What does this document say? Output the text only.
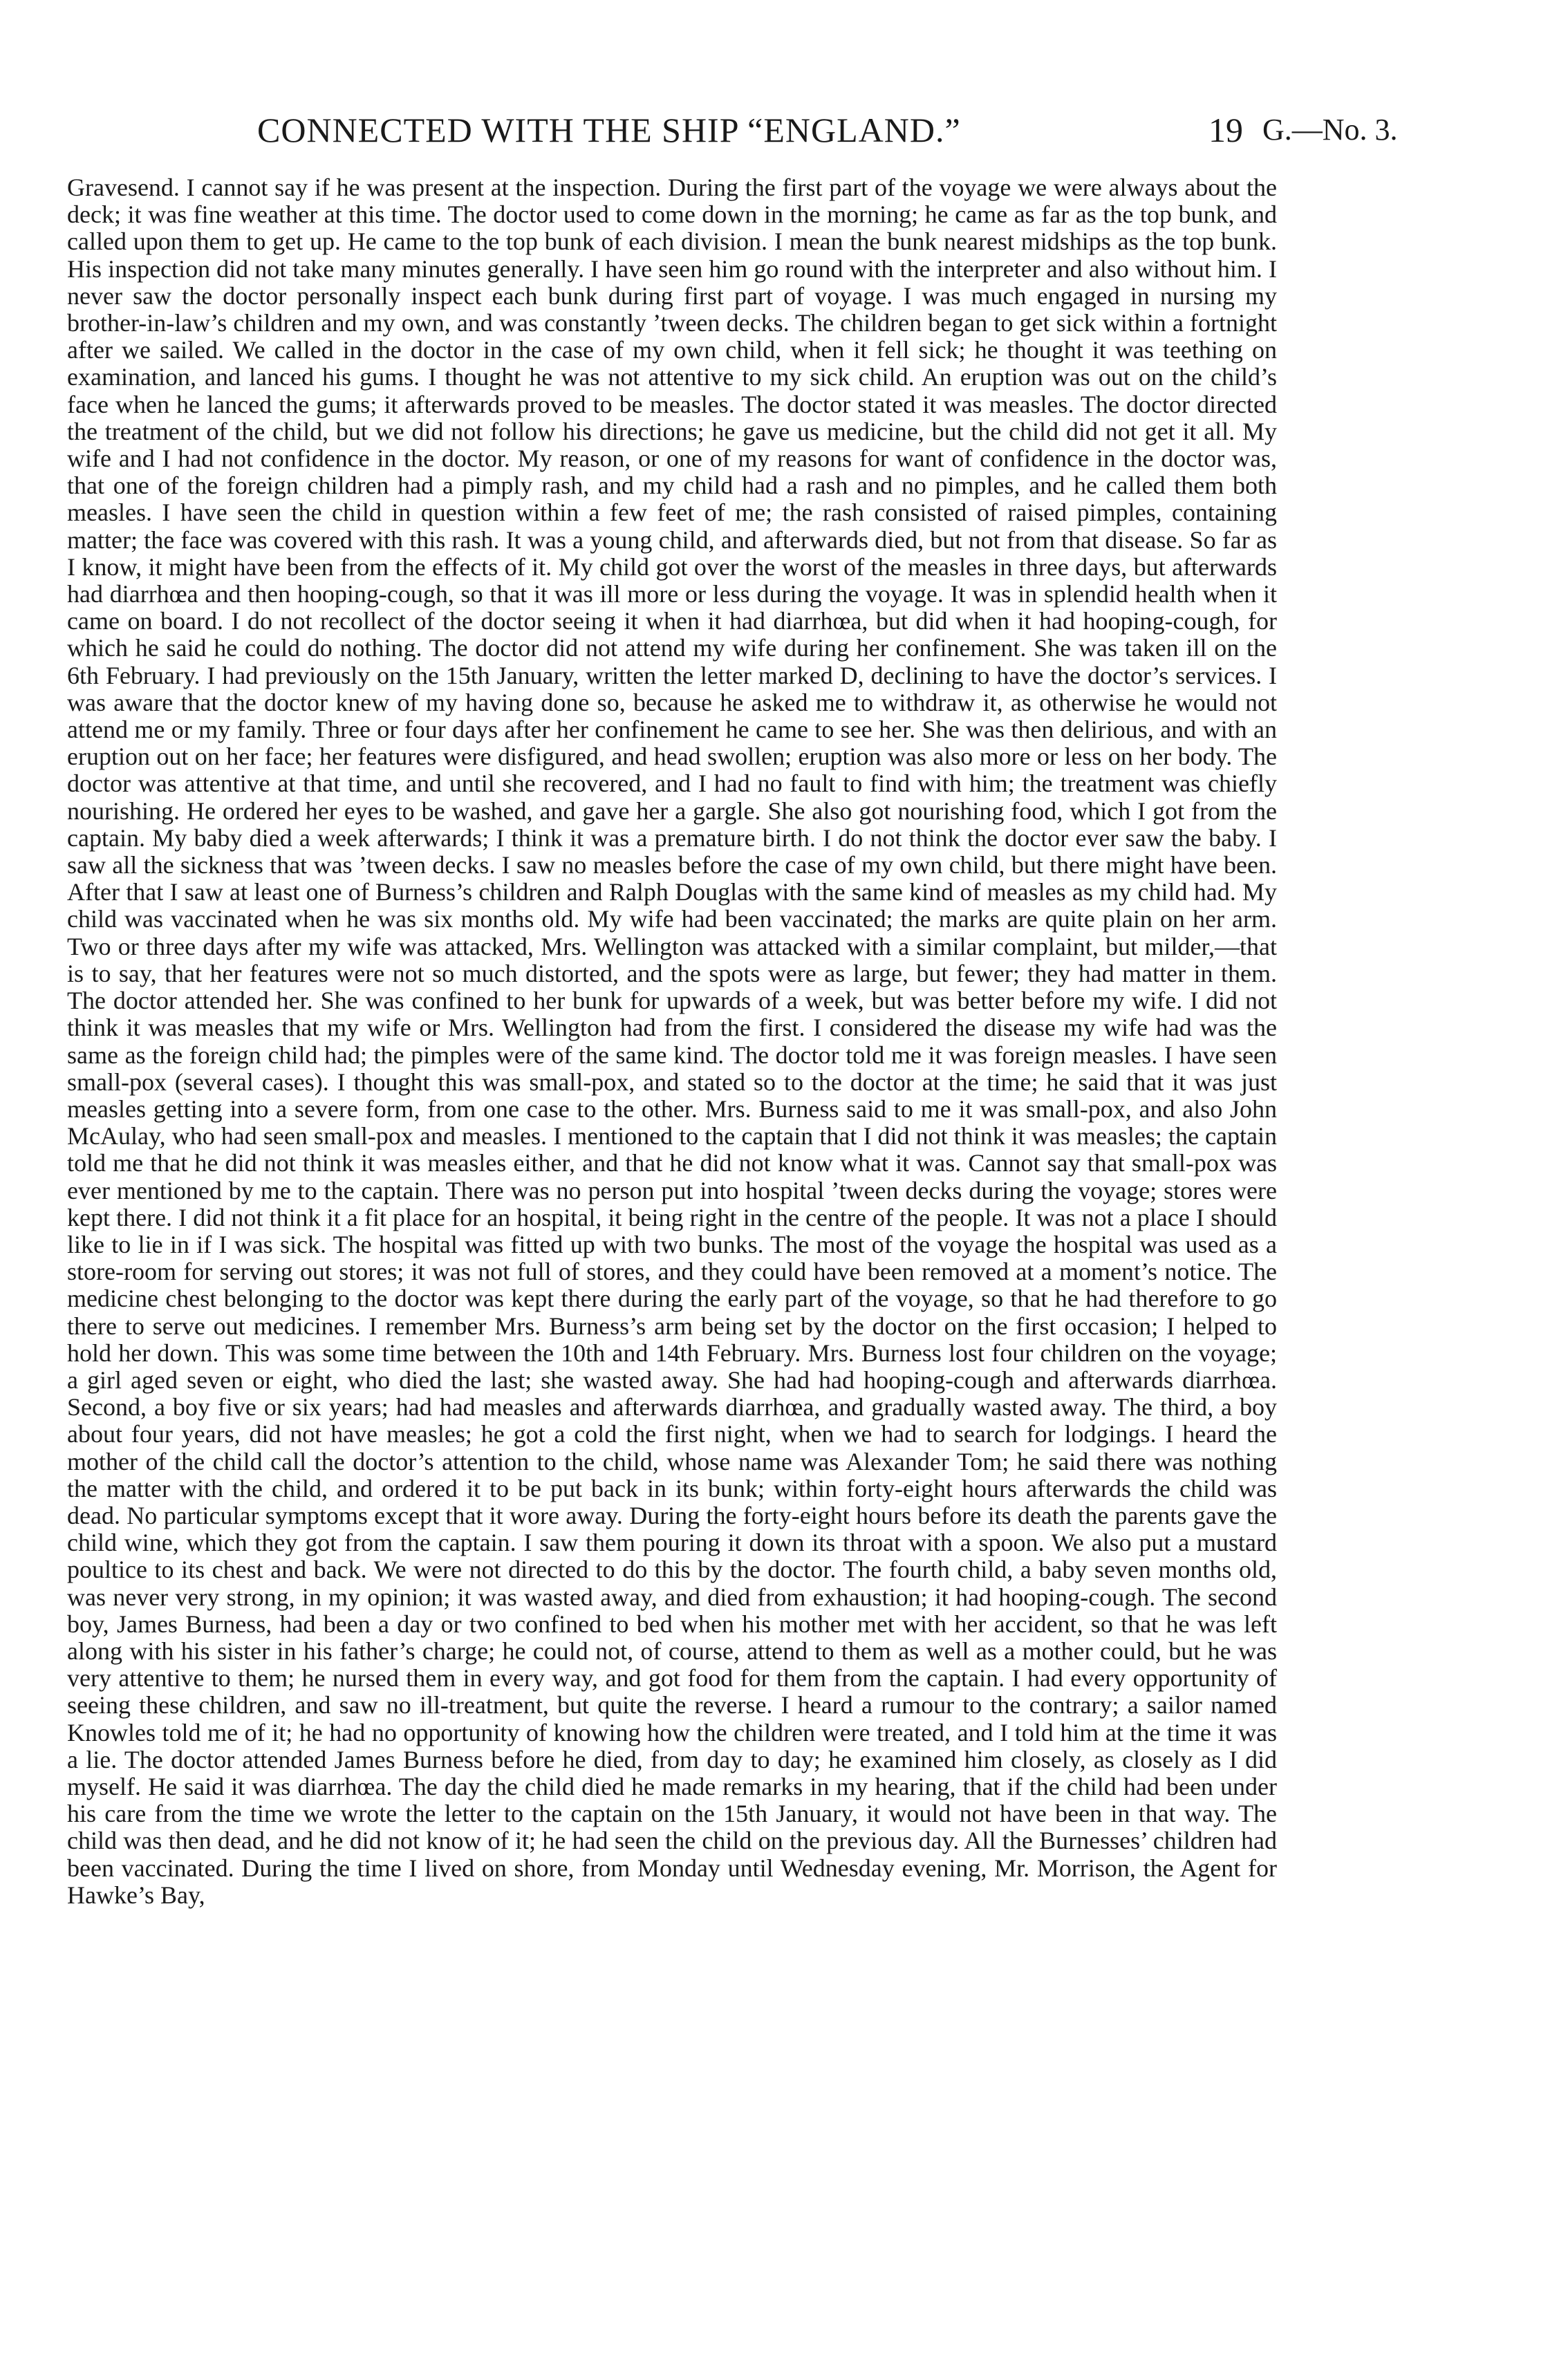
CONNECTED WITH THE SHIP “ENGLAND.”	19 G.—No. 3.

Gravesend. I cannot say if he was present at the inspection. During the first part of the voyage we were always about the deck; it was fine weather at this time. The doctor used to come down in the morning; he came as far as the top bunk, and called upon them to get up. He came to the top bunk of each division. I mean the bunk nearest midships as the top bunk. His inspection did not take many minutes generally. I have seen him go round with the interpreter and also without him. I never saw the doctor personally inspect each bunk during first part of voyage. I was much engaged in nursing my brother-in-law’s children and my own, and was constantly ’tween decks. The children began to get sick within a fortnight after we sailed. We called in the doctor in the case of my own child, when it fell sick; he thought it was teething on examination, and lanced his gums. I thought he was not attentive to my sick child. An eruption was out on the child’s face when he lanced the gums; it afterwards proved to be measles. The doctor stated it was measles. The doctor directed the treatment of the child, but we did not follow his directions; he gave us medicine, but the child did not get it all. My wife and I had not confidence in the doctor. My reason, or one of my reasons for want of confidence in the doctor was, that one of the foreign children had a pimply rash, and my child had a rash and no pimples, and he called them both measles. I have seen the child in question within a few feet of me; the rash consisted of raised pimples, containing matter; the face was covered with this rash. It was a young child, and afterwards died, but not from that disease. So far as I know, it might have been from the effects of it. My child got over the worst of the measles in three days, but afterwards had diarrhœa and then hooping-cough, so that it was ill more or less during the voyage. It was in splendid health when it came on board. I do not recollect of the doctor seeing it when it had diarrhœa, but did when it had hooping-cough, for which he said he could do nothing. The doctor did not attend my wife during her confinement. She was taken ill on the 6th February. I had previously on the 15th January, written the letter marked D, declining to have the doctor’s services. I was aware that the doctor knew of my having done so, because he asked me to withdraw it, as otherwise he would not attend me or my family. Three or four days after her confinement he came to see her. She was then delirious, and with an eruption out on her face; her features were disfigured, and head swollen; eruption was also more or less on her body. The doctor was attentive at that time, and until she recovered, and I had no fault to find with him; the treatment was chiefly nourishing. He ordered her eyes to be washed, and gave her a gargle. She also got nourishing food, which I got from the captain. My baby died a week afterwards; I think it was a premature birth. I do not think the doctor ever saw the baby. I saw all the sickness that was ’tween decks. I saw no measles before the case of my own child, but there might have been. After that I saw at least one of Burness’s children and Ralph Douglas with the same kind of measles as my child had. My child was vaccinated when he was six months old. My wife had been vaccinated; the marks are quite plain on her arm. Two or three days after my wife was attacked, Mrs. Wellington was attacked with a similar complaint, but milder,—that is to say, that her features were not so much distorted, and the spots were as large, but fewer; they had matter in them. The doctor attended her. She was confined to her bunk for upwards of a week, but was better before my wife. I did not think it was measles that my wife or Mrs. Wellington had from the first. I considered the disease my wife had was the same as the foreign child had; the pimples were of the same kind. The doctor told me it was foreign measles. I have seen small-pox (several cases). I thought this was small-pox, and stated so to the doctor at the time; he said that it was just measles getting into a severe form, from one case to the other. Mrs. Burness said to me it was small-pox, and also John McAulay, who had seen small-pox and measles. I mentioned to the captain that I did not think it was measles; the captain told me that he did not think it was measles either, and that he did not know what it was. Cannot say that small-pox was ever mentioned by me to the captain. There was no person put into hospital ’tween decks during the voyage; stores were kept there. I did not think it a fit place for an hospital, it being right in the centre of the people. It was not a place I should like to lie in if I was sick. The hospital was fitted up with two bunks. The most of the voyage the hospital was used as a store-room for serving out stores; it was not full of stores, and they could have been removed at a moment’s notice. The medicine chest belonging to the doctor was kept there during the early part of the voyage, so that he had therefore to go there to serve out medicines. I remember Mrs. Burness’s arm being set by the doctor on the first occasion; I helped to hold her down. This was some time between the 10th and 14th February. Mrs. Burness lost four children on the voyage; a girl aged seven or eight, who died the last; she wasted away. She had had hooping-cough and afterwards diarrhœa. Second, a boy five or six years; had had measles and afterwards diarrhœa, and gradually wasted away. The third, a boy about four years, did not have measles; he got a cold the first night, when we had to search for lodgings. I heard the mother of the child call the doctor’s attention to the child, whose name was Alexander Tom; he said there was nothing the matter with the child, and ordered it to be put back in its bunk; within forty-eight hours afterwards the child was dead. No particular symptoms except that it wore away. During the forty-eight hours before its death the parents gave the child wine, which they got from the captain. I saw them pouring it down its throat with a spoon. We also put a mustard poultice to its chest and back. We were not directed to do this by the doctor. The fourth child, a baby seven months old, was never very strong, in my opinion; it was wasted away, and died from exhaustion; it had hooping-cough. The second boy, James Burness, had been a day or two confined to bed when his mother met with her accident, so that he was left along with his sister in his father’s charge; he could not, of course, attend to them as well as a mother could, but he was very attentive to them; he nursed them in every way, and got food for them from the captain. I had every opportunity of seeing these children, and saw no ill-treatment, but quite the reverse. I heard a rumour to the contrary; a sailor named Knowles told me of it; he had no opportunity of knowing how the children were treated, and I told him at the time it was a lie. The doctor attended James Burness before he died, from day to day; he examined him closely, as closely as I did myself. He said it was diarrhœa. The day the child died he made remarks in my hearing, that if the child had been under his care from the time we wrote the letter to the captain on the 15th January, it would not have been in that way. The child was then dead, and he did not know of it; he had seen the child on the previous day. All the Burnesses’ children had been vaccinated. During the time I lived on shore, from Monday until Wednesday evening, Mr. Morrison, the Agent for Hawke’s Bay,
